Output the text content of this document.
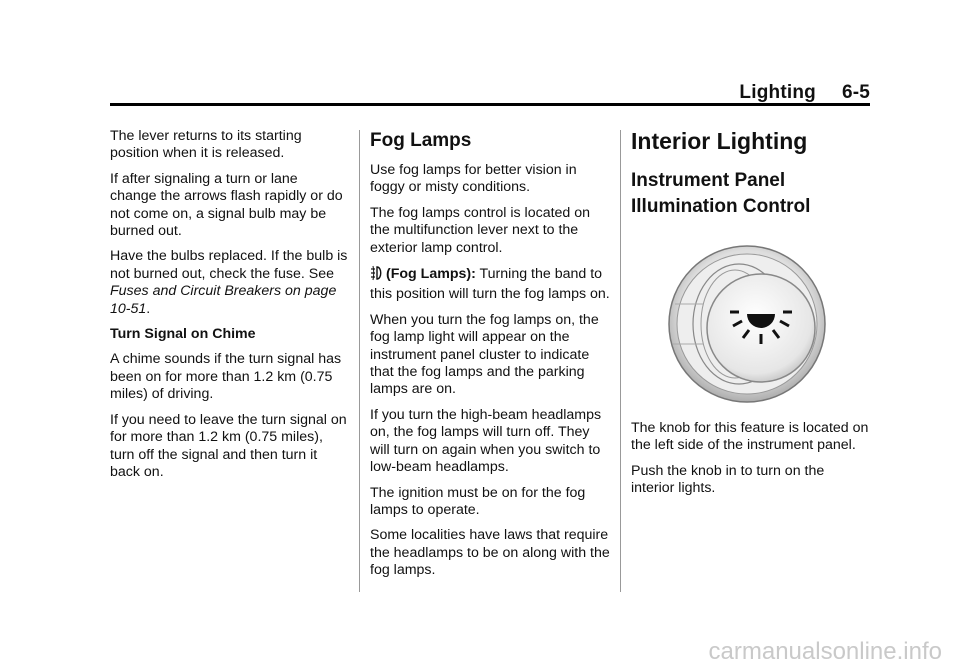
Lighting 6-5

The lever returns to its starting position when it is released.

If after signaling a turn or lane change the arrows flash rapidly or do not come on, a signal bulb may be burned out.

Have the bulbs replaced. If the bulb is not burned out, check the fuse. See Fuses and Circuit Breakers on page 10-51.

Turn Signal on Chime

A chime sounds if the turn signal has been on for more than 1.2 km (0.75 miles) of driving.

If you need to leave the turn signal on for more than 1.2 km (0.75 miles), turn off the signal and then turn it back on.

Fog Lamps

Use fog lamps for better vision in foggy or misty conditions.

The fog lamps control is located on the multifunction lever next to the exterior lamp control.

(Fog Lamps): Turning the band to this position will turn the fog lamps on.

When you turn the fog lamps on, the fog lamp light will appear on the instrument panel cluster to indicate that the fog lamps and the parking lamps are on.

If you turn the high-beam headlamps on, the fog lamps will turn off. They will turn on again when you switch to low-beam headlamps.

The ignition must be on for the fog lamps to operate.

Some localities have laws that require the headlamps to be on along with the fog lamps.

Interior Lighting
Instrument Panel Illumination Control

The knob for this feature is located on the left side of the instrument panel.

Push the knob in to turn on the interior lights.

carmanualsonline.info
